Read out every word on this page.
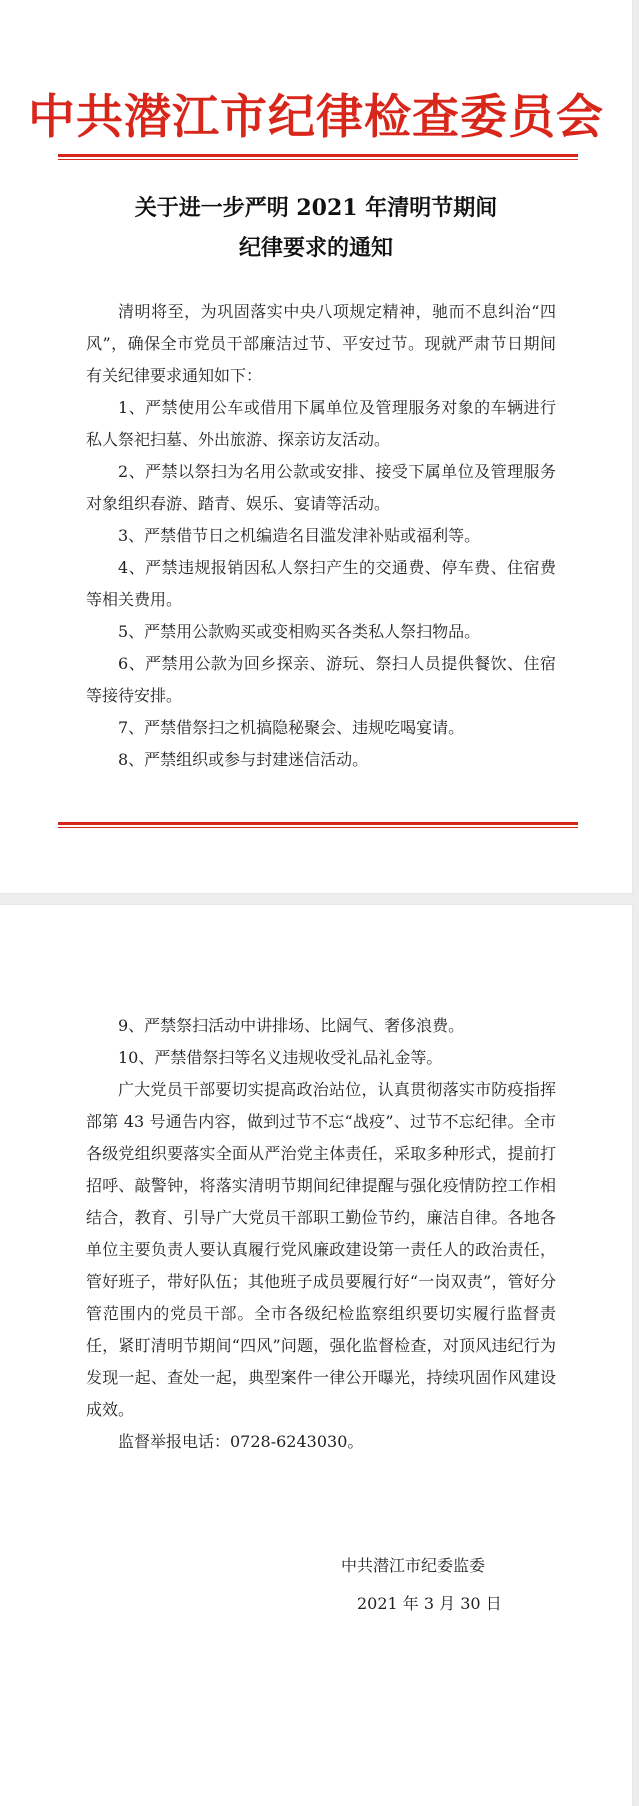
中共潜江市纪律检查委员会
关于进一步严明 2021 年清明节期间
纪律要求的通知

清明将至，为巩固落实中央八项规定精神，驰而不息纠治“四风”，确保全市党员干部廉洁过节、平安过节。现就严肃节日期间有关纪律要求通知如下：

1、严禁使用公车或借用下属单位及管理服务对象的车辆进行私人祭祀扫墓、外出旅游、探亲访友活动。

2、严禁以祭扫为名用公款或安排、接受下属单位及管理服务对象组织春游、踏青、娱乐、宴请等活动。

3、严禁借节日之机编造名目滥发津补贴或福利等。

4、严禁违规报销因私人祭扫产生的交通费、停车费、住宿费等相关费用。

5、严禁用公款购买或变相购买各类私人祭扫物品。

6、严禁用公款为回乡探亲、游玩、祭扫人员提供餐饮、住宿等接待安排。

7、严禁借祭扫之机搞隐秘聚会、违规吃喝宴请。

8、严禁组织或参与封建迷信活动。

9、严禁祭扫活动中讲排场、比阔气、奢侈浪费。

10、严禁借祭扫等名义违规收受礼品礼金等。

广大党员干部要切实提高政治站位，认真贯彻落实市防疫指挥部第 43 号通告内容，做到过节不忘“战疫”、过节不忘纪律。全市各级党组织要落实全面从严治党主体责任，采取多种形式，提前打招呼、敲警钟，将落实清明节期间纪律提醒与强化疫情防控工作相结合，教育、引导广大党员干部职工勤俭节约，廉洁自律。各地各单位主要负责人要认真履行党风廉政建设第一责任人的政治责任，管好班子，带好队伍；其他班子成员要履行好“一岗双责”，管好分管范围内的党员干部。全市各级纪检监察组织要切实履行监督责任，紧盯清明节期间“四风”问题，强化监督检查，对顶风违纪行为发现一起、查处一起，典型案件一律公开曝光，持续巩固作风建设成效。

监督举报电话：0728-6243030。

中共潜江市纪委监委
2021 年 3 月 30 日
